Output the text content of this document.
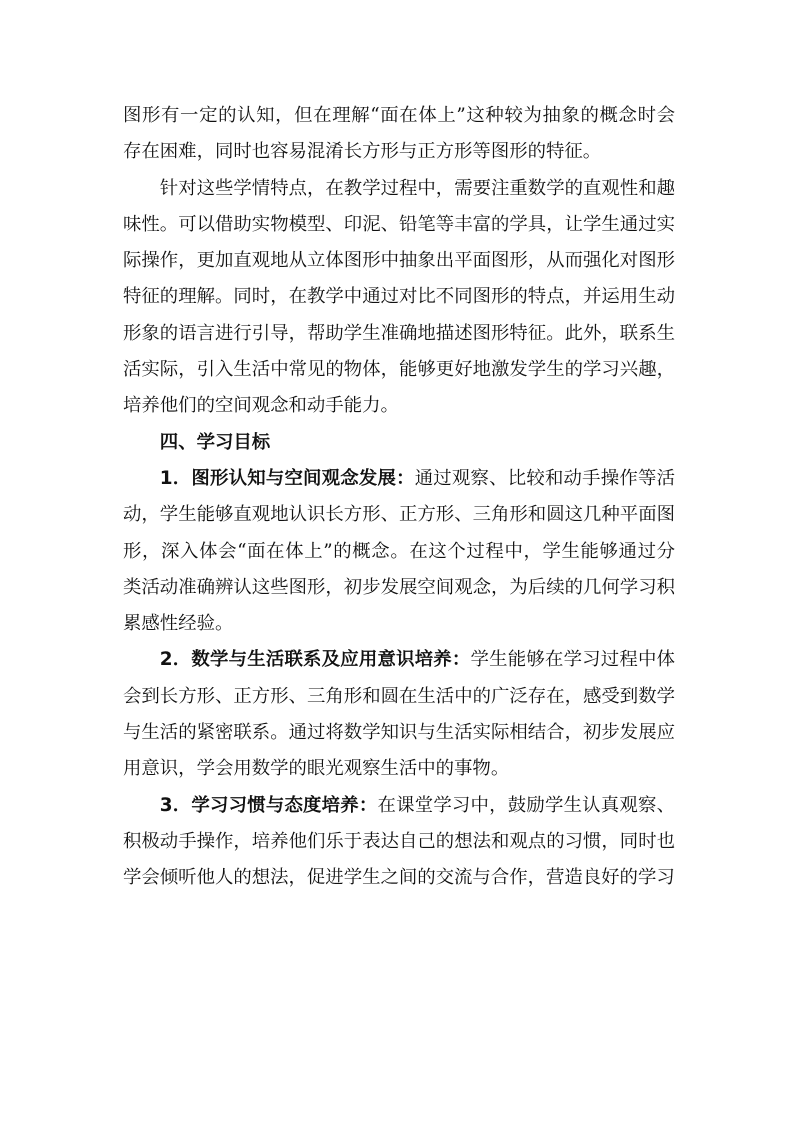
图形有一定的认知，但在理解“面在体上”这种较为抽象的概念时会存在困难，同时也容易混淆长方形与正方形等图形的特征。

针对这些学情特点，在教学过程中，需要注重数学的直观性和趣味性。可以借助实物模型、印泥、铅笔等丰富的学具，让学生通过实际操作，更加直观地从立体图形中抽象出平面图形，从而强化对图形特征的理解。同时，在教学中通过对比不同图形的特点，并运用生动形象的语言进行引导，帮助学生准确地描述图形特征。此外，联系生活实际，引入生活中常见的物体，能够更好地激发学生的学习兴趣，培养他们的空间观念和动手能力。

四、学习目标

1．图形认知与空间观念发展：通过观察、比较和动手操作等活动，学生能够直观地认识长方形、正方形、三角形和圆这几种平面图形，深入体会“面在体上”的概念。在这个过程中，学生能够通过分类活动准确辨认这些图形，初步发展空间观念，为后续的几何学习积累感性经验。

2．数学与生活联系及应用意识培养：学生能够在学习过程中体会到长方形、正方形、三角形和圆在生活中的广泛存在，感受到数学与生活的紧密联系。通过将数学知识与生活实际相结合，初步发展应用意识，学会用数学的眼光观察生活中的事物。

3．学习习惯与态度培养：在课堂学习中，鼓励学生认真观察、积极动手操作，培养他们乐于表达自己的想法和观点的习惯，同时也学会倾听他人的想法，促进学生之间的交流与合作，营造良好的学习
